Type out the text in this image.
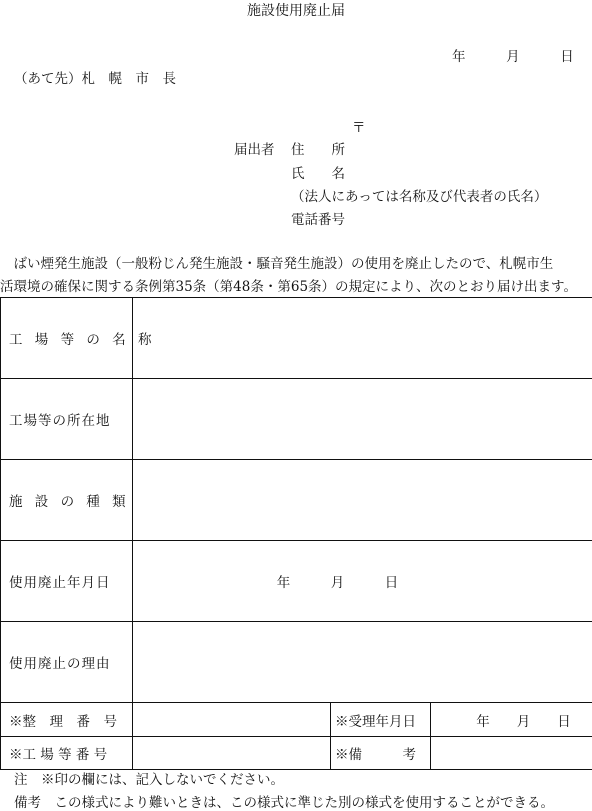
施設使用廃止届
年	月	日
（あて先）札　幌　市　長
〒
届出者 住　　所
氏　　名
（法人にあっては名称及び代表者の氏名）
電話番号

　ばい煙発生施設（一般粉じん発生施設・騒音発生施設）の使用を廃止したので、札幌市生

活環境の確保に関する条例第35条（第48条・第65条）の規定により、次のとおり届け出ます。

工 場 等 の 名 称			
工場等の所在地			
施 設 の 種 類			
使用廃止年月日	年　　　月　　　日		
使用廃止の理由			
※整　理　番　号		※受理年月日	年　　月　　日
※工 場 等 番 号		※備　　　考	
注　※印の欄には、記入しないでください。
備考　この様式により難いときは、この様式に準じた別の様式を使用することができる。
